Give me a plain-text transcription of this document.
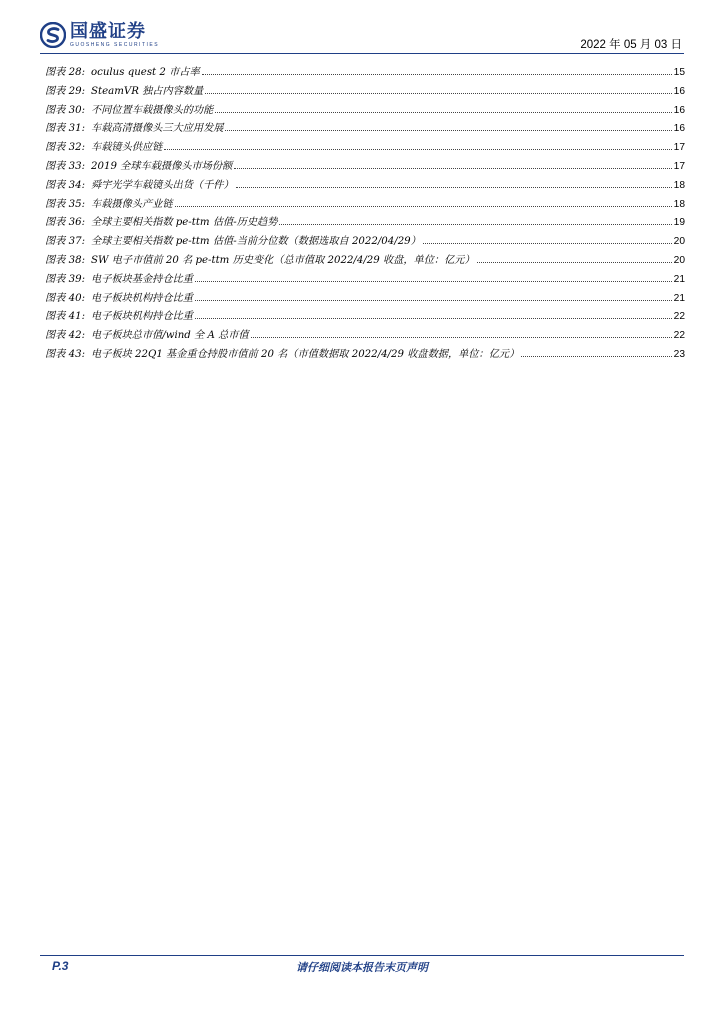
国盛证券
GUOSHENG SECURITIES	2022 年 05 月 03 日
图表 28: oculus quest 2 市占率	15
图表 29: SteamVR 独占内容数量	16
图表 30: 不同位置车载摄像头的功能	16
图表 31: 车载高清摄像头三大应用发展	16
图表 32: 车载镜头供应链	17
图表 33: 2019 全球车载摄像头市场份额	17
图表 34: 舜宇光学车载镜头出货（千件）	18
图表 35: 车载摄像头产业链	18
图表 36: 全球主要相关指数 pe-ttm 估值-历史趋势	19
图表 37: 全球主要相关指数 pe-ttm 估值-当前分位数（数据选取自 2022/04/29）	20
图表 38: SW 电子市值前 20 名 pe-ttm 历史变化（总市值取 2022/4/29 收盘，单位：亿元）	20
图表 39: 电子板块基金持仓比重	21
图表 40: 电子板块机构持仓比重	21
图表 41: 电子板块机构持仓比重	22
图表 42: 电子板块总市值/wind 全 A 总市值	22
图表 43: 电子板块 22Q1 基金重仓持股市值前 20 名（市值数据取 2022/4/29 收盘数据，单位：亿元）	23
P.3	请仔细阅读本报告末页声明
